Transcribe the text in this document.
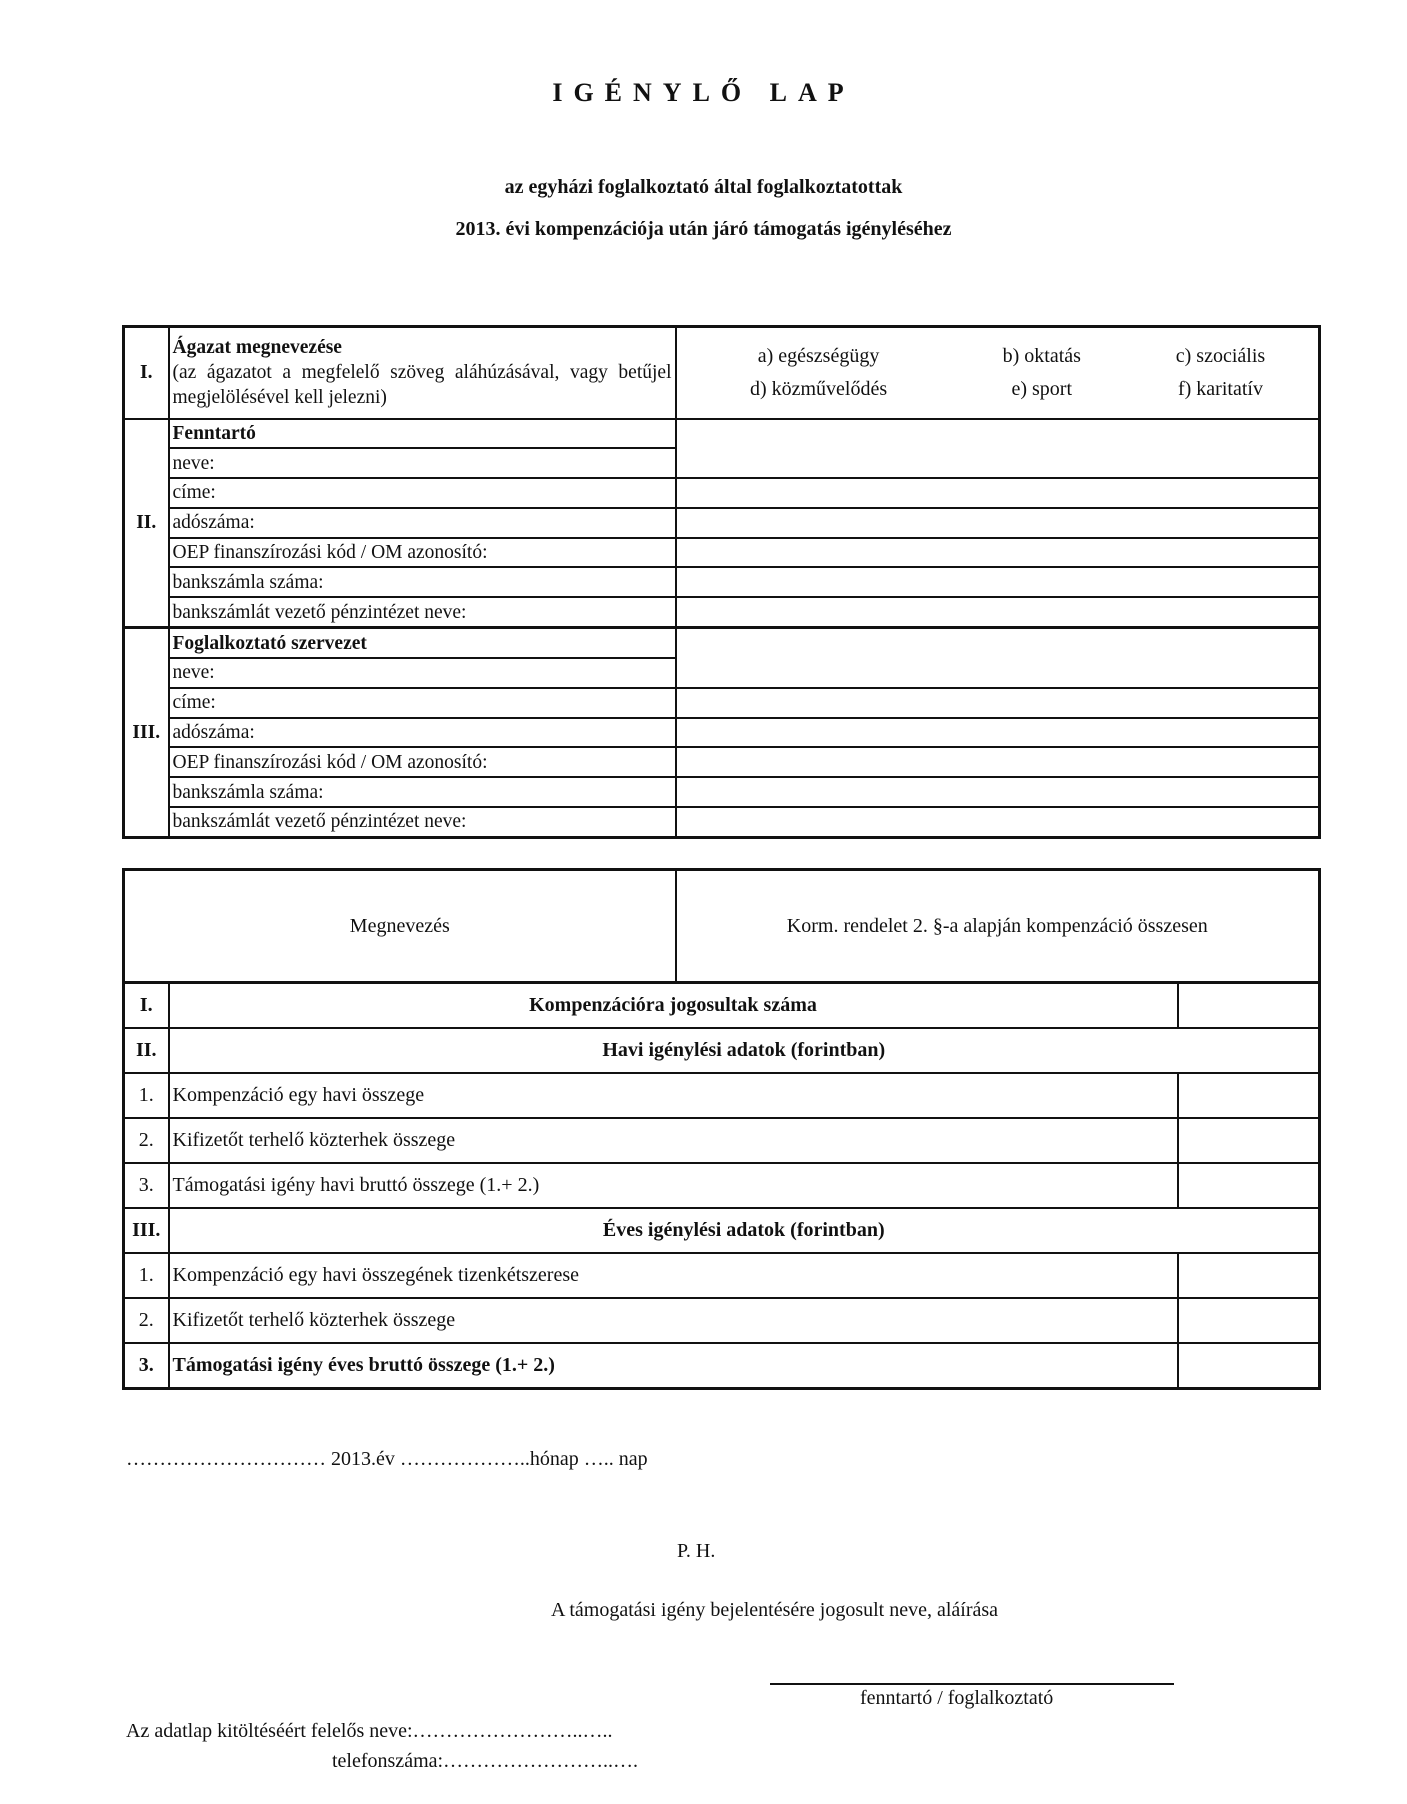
IGÉNYLŐ LAP
az egyházi foglalkoztató által foglalkoztatottak
2013. évi kompenzációja után járó támogatás igényléséhez
I.	
Ágazat megnevezése
(az ágazatot a megfelelő szöveg aláhúzásával, vagy betűjel megjelölésével kell jelezni)

a) egészségügy	b) oktatás	c) szociális
d) közművelődés	e) sport	f) karitatív

II.	Fenntartó	
neve:
címe:	
adószáma:	
OEP finanszírozási kód / OM azonosító:	
bankszámla száma:	
bankszámlát vezető pénzintézet neve:	
III.	Foglalkoztató szervezet	
neve:
címe:	
adószáma:	
OEP finanszírozási kód / OM azonosító:	
bankszámla száma:	
bankszámlát vezető pénzintézet neve:	
Megnevezés		Korm. rendelet 2. §-a alapján kompenzáció összesen	
I.	Kompenzációra jogosultak száma		
II.	Havi igénylési adatok (forintban)		
1.	Kompenzáció egy havi összege		
2.	Kifizetőt terhelő közterhek összege		
3.	Támogatási igény havi bruttó összege (1.+ 2.)		
III.	Éves igénylési adatok (forintban)		
1.	Kompenzáció egy havi összegének tizenkétszerese		
2.	Kifizetőt terhelő közterhek összege		
3.	Támogatási igény éves bruttó összege (1.+ 2.)		
………………………… 2013.év ………………..hónap ….. nap
P. H.
A támogatási igény bejelentésére jogosult neve, aláírása
fenntartó / foglalkoztató
Az adatlap kitöltéséért felelős neve:……………………..…..
telefonszáma:……………………..….
